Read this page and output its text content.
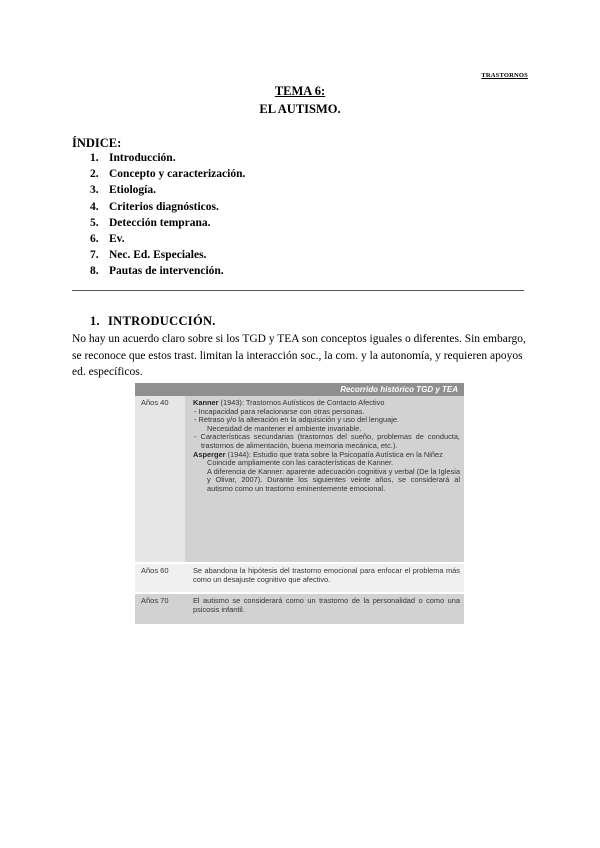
TRASTORNOS
TEMA 6:
EL AUTISMO.
ÍNDICE:
1. Introducción.
2. Concepto y caracterización.
3. Etiología.
4. Criterios diagnósticos.
5. Detección temprana.
6. Ev.
7. Nec. Ed. Especiales.
8. Pautas de intervención.
1. INTRODUCCIÓN.

No hay un acuerdo claro sobre si los TGD y TEA son conceptos iguales o diferentes. Sin embargo, se reconoce que estos trast. limitan la interacción soc., la com. y la autonomía, y requieren apoyos ed. específicos.

Recorrido histórico TGD y TEA
Años 40	Kanner (1943): Trastornos Autísticos de Contacto Afectivo
- Incapacidad para relacionarse con otras personas.
- Retraso y/o la alteración en la adquisición y uso del lenguaje.
Necesidad de mantener el ambiente invariable.
- Características secundarias (trastornos del sueño, problemas de conducta, trastornos de alimentación, buena memoria mecánica, etc.).
Asperger (1944): Estudio que trata sobre la Psicopatía Autística en la Niñez
Coincide ampliamente con las características de Kanner.
A diferencia de Kanner: aparente adecuación cognitiva y verbal (De la Iglesia y Olivar, 2007). Durante los siguientes veinte años, se considerará al autismo como un trastorno eminentemente emocional.
Años 60	Se abandona la hipótesis del trastorno emocional para enfocar el problema más como un desajuste cognitivo que afectivo.
Años 70	El autismo se considerará como un trastorno de la personalidad o como una psicosis infantil.
